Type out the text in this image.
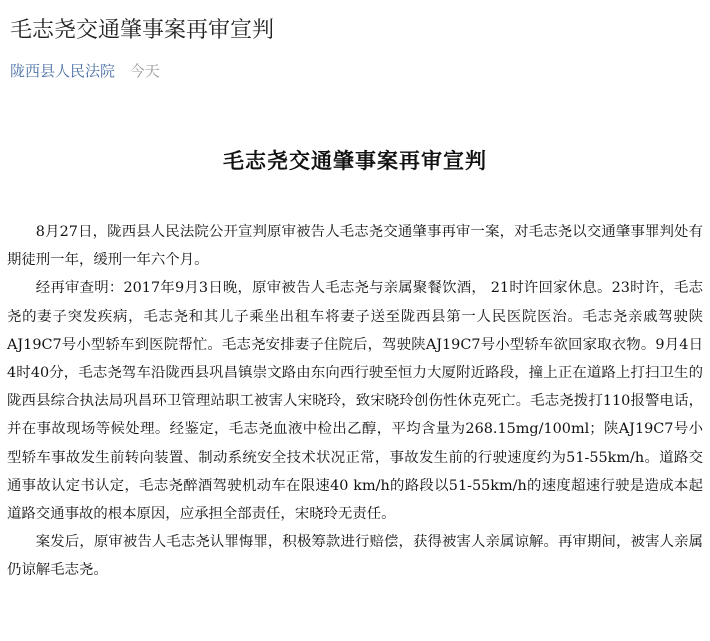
毛志尧交通肇事案再审宣判
陇西县人民法院 今天
毛志尧交通肇事案再审宣判

8月27日，陇西县人民法院公开宣判原审被告人毛志尧交通肇事再审一案，对毛志尧以交通肇事罪判处有期徒刑一年，缓刑一年六个月。

经再审查明：2017年9月3日晚，原审被告人毛志尧与亲属聚餐饮酒， 21时许回家休息。23时许，毛志尧的妻子突发疾病，毛志尧和其儿子乘坐出租车将妻子送至陇西县第一人民医院医治。毛志尧亲戚驾驶陕AJ19C7号小型轿车到医院帮忙。毛志尧安排妻子住院后，驾驶陕AJ19C7号小型轿车欲回家取衣物。9月4日4时40分，毛志尧驾车沿陇西县巩昌镇崇文路由东向西行驶至恒力大厦附近路段，撞上正在道路上打扫卫生的陇西县综合执法局巩昌环卫管理站职工被害人宋晓玲，致宋晓玲创伤性休克死亡。毛志尧拨打110报警电话，并在事故现场等候处理。经鉴定，毛志尧血液中检出乙醇，平均含量为268.15mg/100ml；陕AJ19C7号小型轿车事故发生前转向装置、制动系统安全技术状况正常，事故发生前的行驶速度约为51-55km/h。道路交通事故认定书认定，毛志尧醉酒驾驶机动车在限速40 km/h的路段以51-55km/h的速度超速行驶是造成本起道路交通事故的根本原因，应承担全部责任，宋晓玲无责任。

案发后，原审被告人毛志尧认罪悔罪，积极筹款进行赔偿，获得被害人亲属谅解。再审期间，被害人亲属仍谅解毛志尧。
